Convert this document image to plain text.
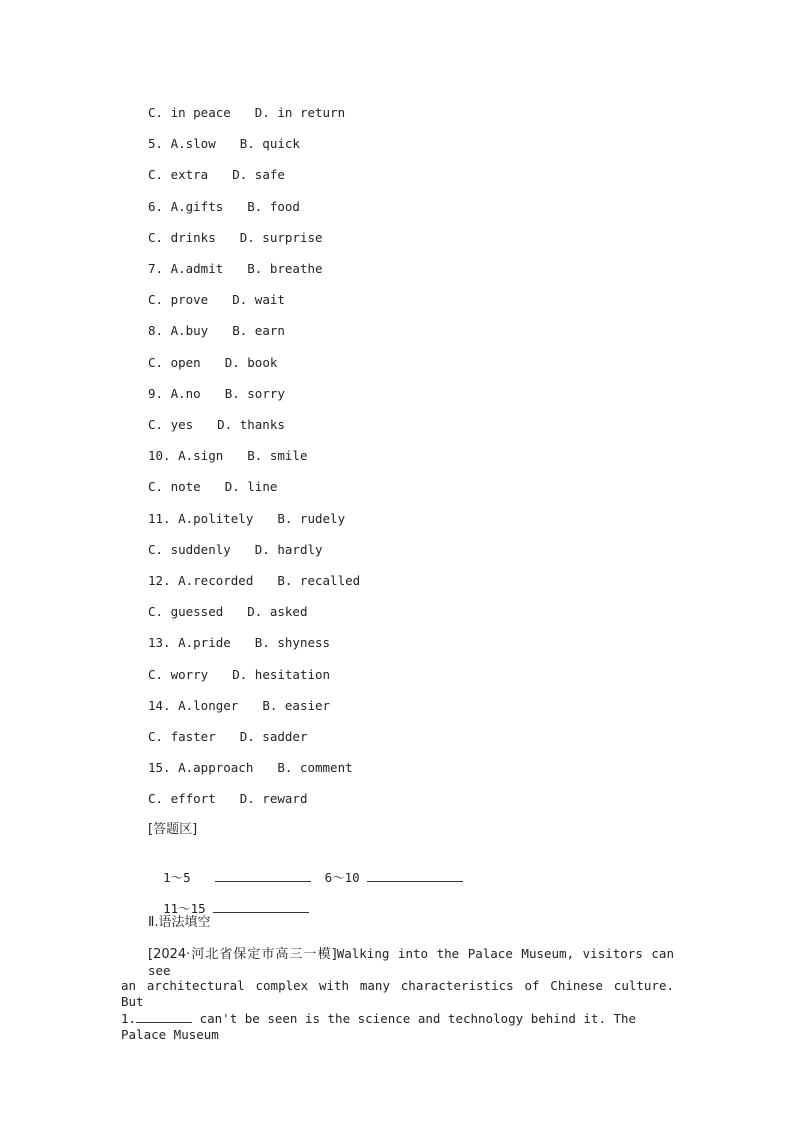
C. in peace D. in return
5. A.slow B. quick
C. extra D. safe
6. A.gifts B. food
C. drinks D. surprise
7. A.admit B. breathe
C. prove D. wait
8. A.buy B. earn
C. open D. book
9. A.no B. sorry
C. yes D. thanks
10. A.sign B. smile
C. note D. line
11. A.politely B. rudely
C. suddenly D. hardly
12. A.recorded B. recalled
C. guessed D. asked
13. A.pride B. shyness
C. worry D. hesitation
14. A.longer B. easier
C. faster D. sadder
15. A.approach B. comment
C. effort D. reward
[答题区]

1～5	6～10

11～15

Ⅱ.语法填空
[2024·河北省保定市高三一模]Walking into the Palace Museum, visitors can see
an architectural complex with many characteristics of Chinese culture. But
1.	can't be seen is the science and technology behind it. The Palace Museum
